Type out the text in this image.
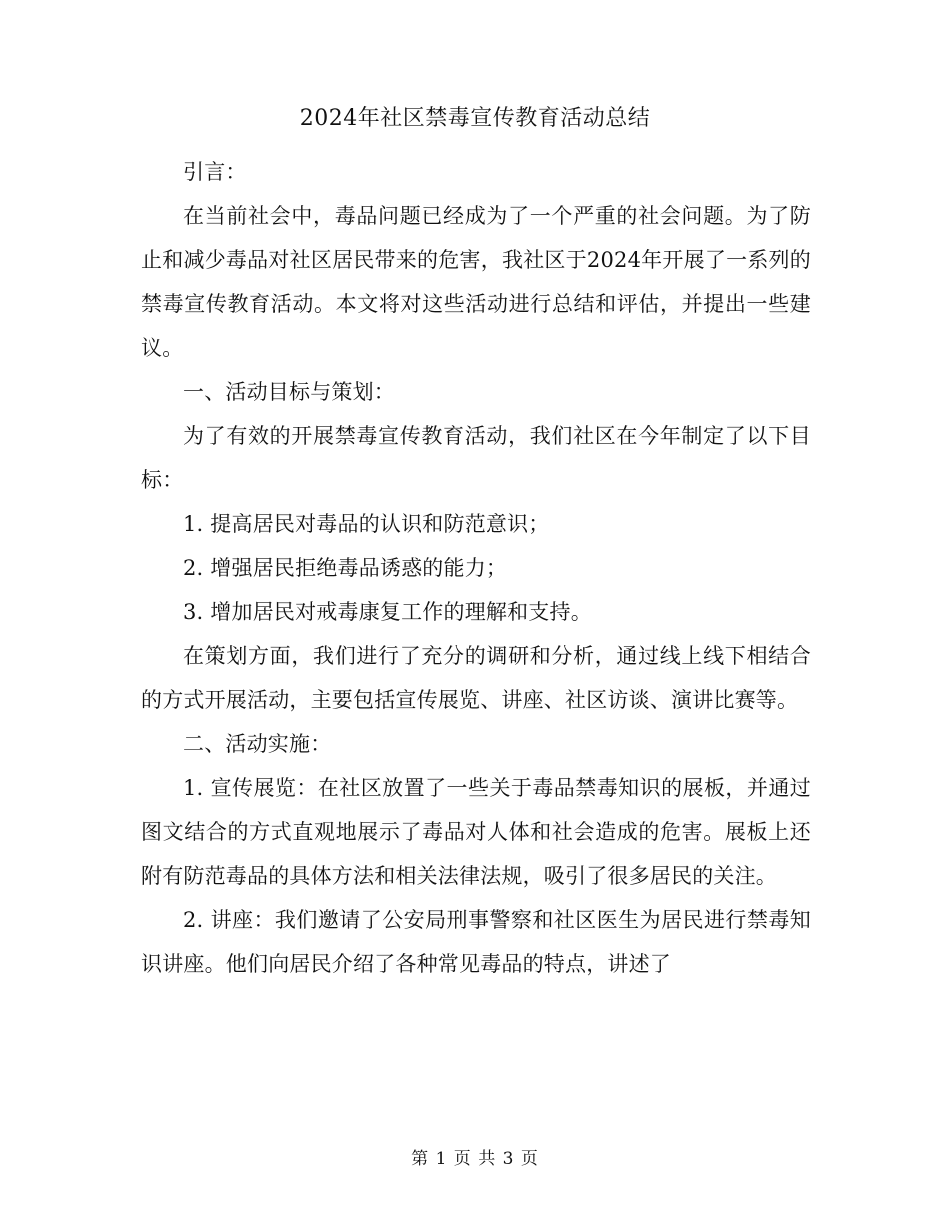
2024年社区禁毒宣传教育活动总结

引言：

在当前社会中，毒品问题已经成为了一个严重的社会问题。为了防止和减少毒品对社区居民带来的危害，我社区于2024年开展了一系列的禁毒宣传教育活动。本文将对这些活动进行总结和评估，并提出一些建议。

一、活动目标与策划：

为了有效的开展禁毒宣传教育活动，我们社区在今年制定了以下目标：

1. 提高居民对毒品的认识和防范意识；

2. 增强居民拒绝毒品诱惑的能力；

3. 增加居民对戒毒康复工作的理解和支持。

在策划方面，我们进行了充分的调研和分析，通过线上线下相结合的方式开展活动，主要包括宣传展览、讲座、社区访谈、演讲比赛等。

二、活动实施：

1. 宣传展览：在社区放置了一些关于毒品禁毒知识的展板，并通过图文结合的方式直观地展示了毒品对人体和社会造成的危害。展板上还附有防范毒品的具体方法和相关法律法规，吸引了很多居民的关注。

2. 讲座：我们邀请了公安局刑事警察和社区医生为居民进行禁毒知识讲座。他们向居民介绍了各种常见毒品的特点，讲述了

第 1 页 共 3 页
